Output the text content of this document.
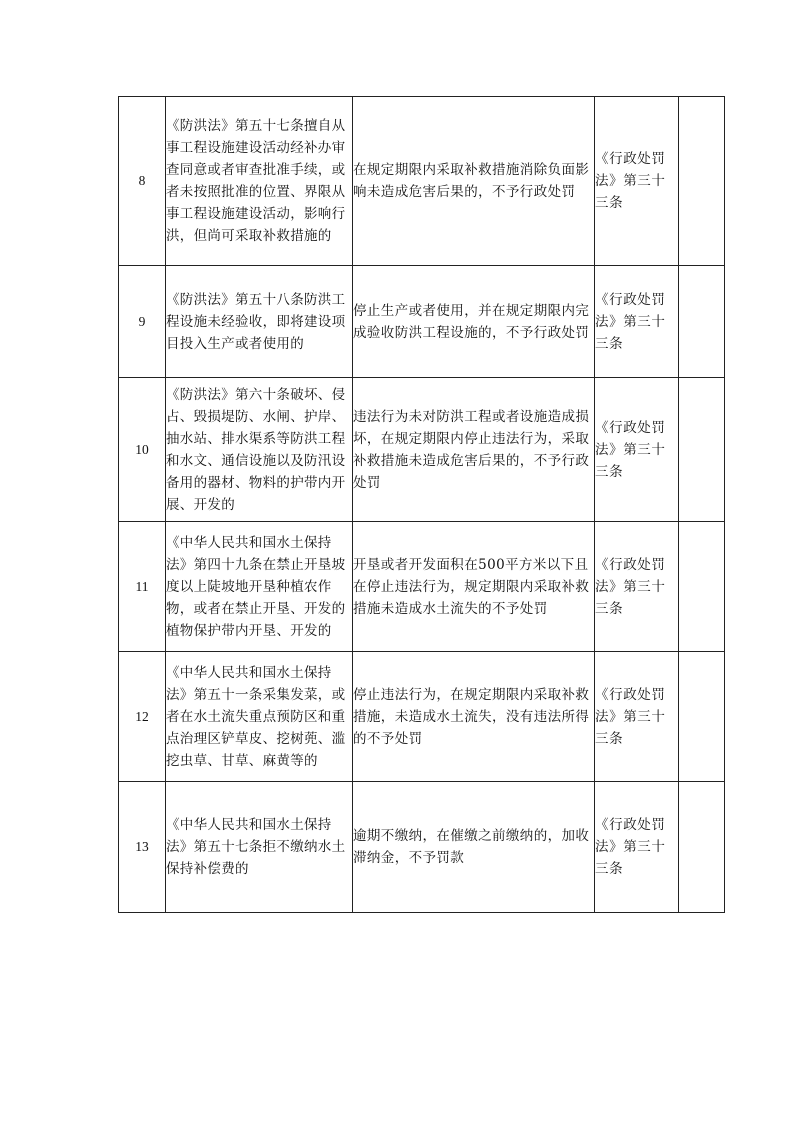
8	《防洪法》第五十七条擅自从事工程设施建设活动经补办审查同意或者审查批准手续，或者未按照批准的位置、界限从事工程设施建设活动，影响行洪，但尚可采取补救措施的	在规定期限内采取补救措施消除负面影响未造成危害后果的，不予行政处罚	《行政处罚法》第三十三条	

9	《防洪法》第五十八条防洪工程设施未经验收，即将建设项目投入生产或者使用的	停止生产或者使用，并在规定期限内完成验收防洪工程设施的，不予行政处罚	《行政处罚法》第三十三条	

10	《防洪法》第六十条破坏、侵占、毁损堤防、水闸、护岸、抽水站、排水渠系等防洪工程和水文、通信设施以及防汛设备用的器材、物料的护带内开展、开发的	违法行为未对防洪工程或者设施造成损坏，在规定期限内停止违法行为，采取补救措施未造成危害后果的，不予行政处罚	《行政处罚法》第三十三条	

11	《中华人民共和国水土保持法》第四十九条在禁止开垦坡度以上陡坡地开垦种植农作物，或者在禁止开垦、开发的植物保护带内开垦、开发的	开垦或者开发面积在500平方米以下且在停止违法行为，规定期限内采取补救措施未造成水土流失的不予处罚	《行政处罚法》第三十三条	

12	《中华人民共和国水土保持法》第五十一条采集发菜，或者在水土流失重点预防区和重点治理区铲草皮、挖树蔸、滥挖虫草、甘草、麻黄等的	停止违法行为，在规定期限内采取补救措施，未造成水土流失，没有违法所得的不予处罚	《行政处罚法》第三十三条	

13	《中华人民共和国水土保持法》第五十七条拒不缴纳水土保持补偿费的	逾期不缴纳，在催缴之前缴纳的，加收滞纳金，不予罚款	《行政处罚法》第三十三条	
